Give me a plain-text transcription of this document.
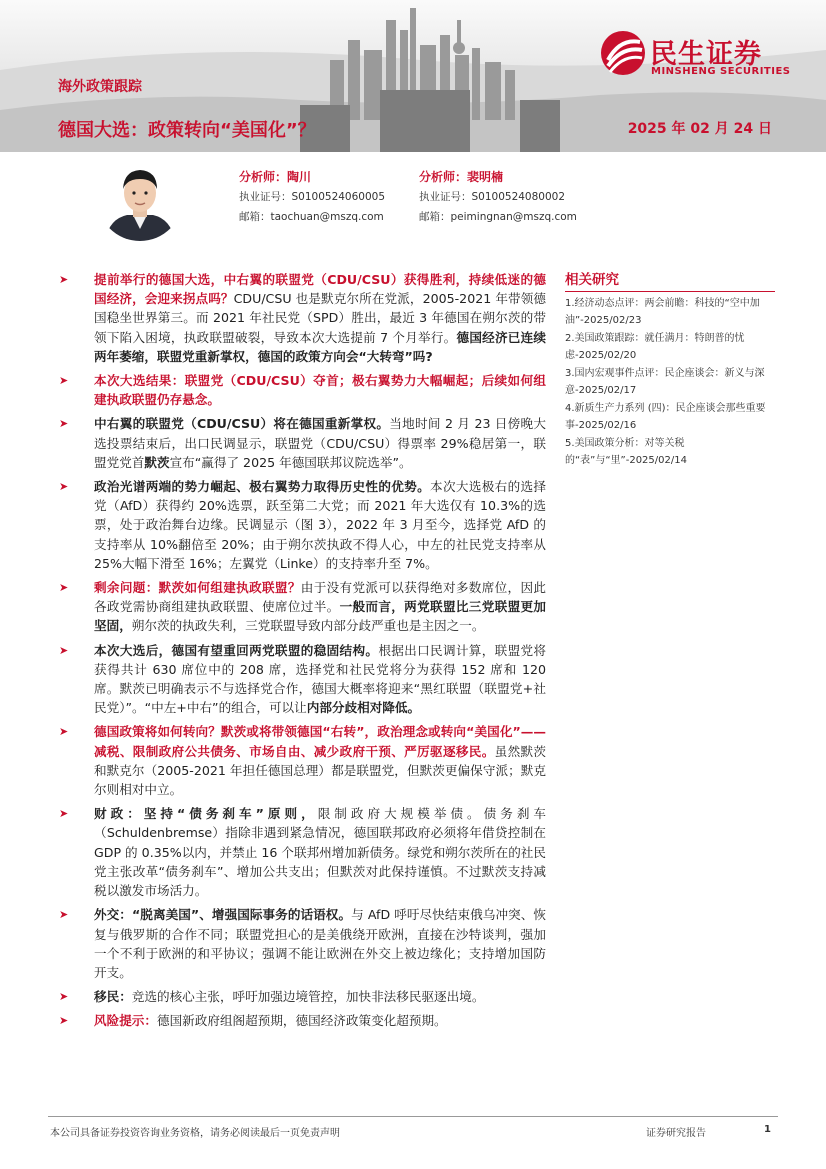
民生证券
MINSHENG SECURITIES
海外政策跟踪
德国大选：政策转向“美国化”？	2025 年 02 月 24 日
分析师：陶川
执业证号：S0100524060005
邮箱：taochuan@mszq.com
分析师：裴明楠
执业证号：S0100524080002
邮箱：peimingnan@mszq.com
➤ 提前举行的德国大选，中右翼的联盟党（CDU/CSU）获得胜利，持续低迷的德国经济，会迎来拐点吗？CDU/CSU 也是默克尔所在党派，2005-2021 年带领德国稳坐世界第三。而 2021 年社民党（SPD）胜出，最近 3 年德国在朔尔茨的带领下陷入困境，执政联盟破裂，导致本次大选提前 7 个月举行。德国经济已连续两年萎缩，联盟党重新掌权，德国的政策方向会“大转弯”吗?
➤ 本次大选结果：联盟党（CDU/CSU）夺首；极右翼势力大幅崛起；后续如何组建执政联盟仍存悬念。
➤ 中右翼的联盟党（CDU/CSU）将在德国重新掌权。当地时间 2 月 23 日傍晚大选投票结束后，出口民调显示，联盟党（CDU/CSU）得票率 29%稳居第一，联盟党党首默茨宣布“赢得了 2025 年德国联邦议院选举”。
➤ 政治光谱两端的势力崛起、极右翼势力取得历史性的优势。本次大选极右的选择党（AfD）获得约 20%选票，跃至第二大党；而 2021 年大选仅有 10.3%的选票，处于政治舞台边缘。民调显示（图 3），2022 年 3 月至今，选择党 AfD 的支持率从 10%翻倍至 20%；由于朔尔茨执政不得人心，中左的社民党支持率从 25%大幅下滑至 16%；左翼党（Linke）的支持率升至 7%。
➤ 剩余问题：默茨如何组建执政联盟？由于没有党派可以获得绝对多数席位，因此各政党需协商组建执政联盟、使席位过半。一般而言，两党联盟比三党联盟更加坚固，朔尔茨的执政失利，三党联盟导致内部分歧严重也是主因之一。
➤ 本次大选后，德国有望重回两党联盟的稳固结构。根据出口民调计算，联盟党将获得共计 630 席位中的 208 席，选择党和社民党将分为获得 152 席和 120 席。默茨已明确表示不与选择党合作，德国大概率将迎来“黑红联盟（联盟党+社民党）”。“中左+中右”的组合，可以让内部分歧相对降低。
➤ 德国政策将如何转向？默茨或将带领德国“右转”，政治理念或转向“美国化”——减税、限制政府公共债务、市场自由、减少政府干预、严厉驱逐移民。虽然默茨和默克尔（2005-2021 年担任德国总理）都是联盟党，但默茨更偏保守派；默克尔则相对中立。
➤ 财政：坚持“债务刹车”原则，限制政府大规模举债。债务刹车（Schuldenbremse）指除非遇到紧急情况，德国联邦政府必须将年借贷控制在 GDP 的 0.35%以内，并禁止 16 个联邦州增加新债务。绿党和朔尔茨所在的社民党主张改革“债务刹车”、增加公共支出；但默茨对此保持谨慎。不过默茨支持减税以激发市场活力。
➤ 外交：“脱离美国”、增强国际事务的话语权。与 AfD 呼吁尽快结束俄乌冲突、恢复与俄罗斯的合作不同；联盟党担心的是美俄绕开欧洲，直接在沙特谈判，强加一个不利于欧洲的和平协议；强调不能让欧洲在外交上被边缘化；支持增加国防开支。
➤ 移民：竞选的核心主张，呼吁加强边境管控，加快非法移民驱逐出境。
➤ 风险提示：德国新政府组阁超预期，德国经济政策变化超预期。
相关研究
1.经济动态点评：两会前瞻：科技的“空中加油”-2025/02/23
2.美国政策跟踪：就任满月：特朗普的忧虑-2025/02/20
3.国内宏观事件点评：民企座谈会：新义与深意-2025/02/17
4.新质生产力系列 (四)：民企座谈会那些重要事-2025/02/16
5.美国政策分析：对等关税的“表”与“里”-2025/02/14
本公司具备证券投资咨询业务资格，请务必阅读最后一页免责声明	证券研究报告	1
